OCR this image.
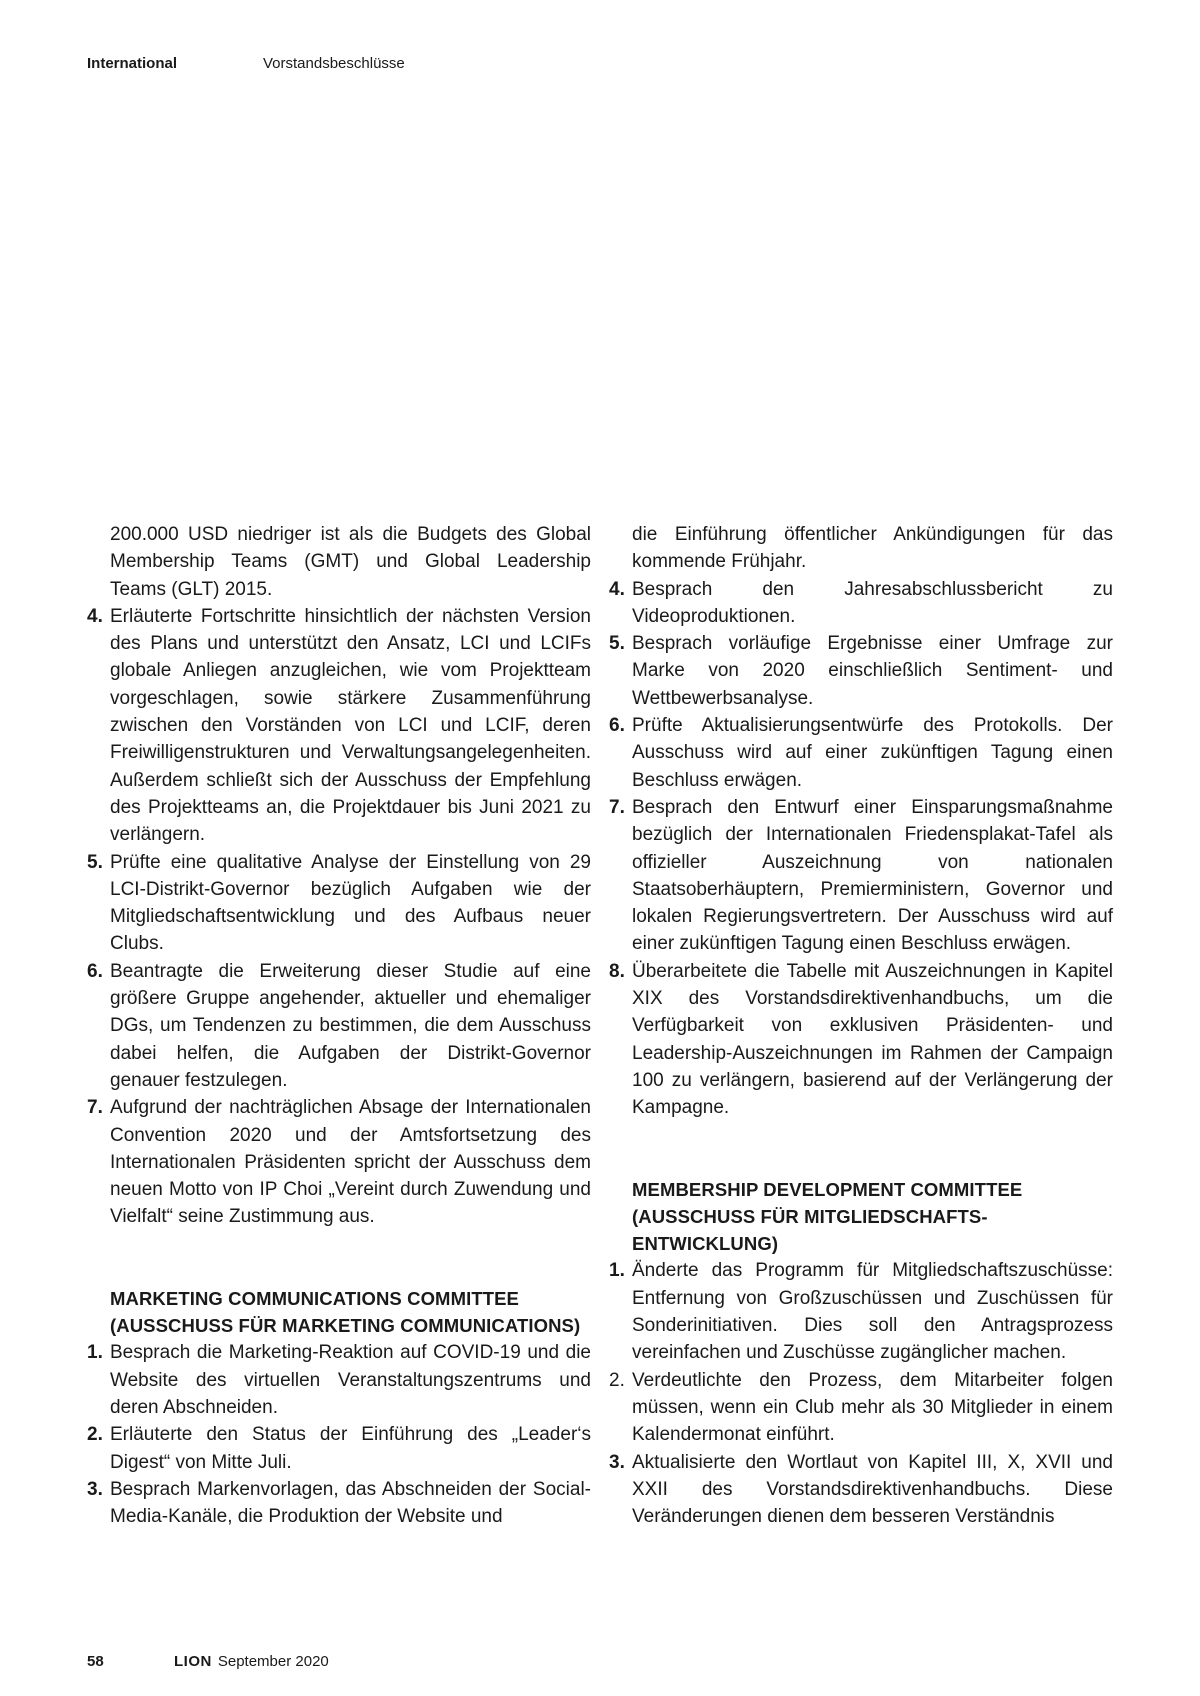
International	Vorstandsbeschlüsse

200.000 USD niedriger ist als die Budgets des Global Membership Teams (GMT) und Global Leadership Teams (GLT) 2015.

4. Erläuterte Fortschritte hinsichtlich der nächsten Version des Plans und unterstützt den Ansatz, LCI und LCIFs globale Anliegen anzugleichen, wie vom Projektteam vorgeschlagen, sowie stärkere Zusammenführung zwischen den Vorständen von LCI und LCIF, deren Freiwilligenstrukturen und Verwaltungsangelegenheiten. Außerdem schließt sich der Ausschuss der Empfehlung des Projektteams an, die Projektdauer bis Juni 2021 zu verlängern.
5. Prüfte eine qualitative Analyse der Einstellung von 29 LCI-Distrikt-Governor bezüglich Aufgaben wie der Mitgliedschaftsentwicklung und des Aufbaus neuer Clubs.
6. Beantragte die Erweiterung dieser Studie auf eine größere Gruppe angehender, aktueller und ehemaliger DGs, um Tendenzen zu bestimmen, die dem Ausschuss dabei helfen, die Aufgaben der Distrikt-Governor genauer festzulegen.
7. Aufgrund der nachträglichen Absage der Internationalen Convention 2020 und der Amtsfortsetzung des Internationalen Präsidenten spricht der Ausschuss dem neuen Motto von IP Choi „Vereint durch Zuwendung und Vielfalt“ seine Zustimmung aus.
MARKETING COMMUNICATIONS COMMITTEE (AUSSCHUSS FÜR MARKETING COMMUNICATIONS)
1. Besprach die Marketing-Reaktion auf COVID-19 und die Website des virtuellen Veranstaltungszentrums und deren Abschneiden.
2. Erläuterte den Status der Einführung des „Leader‘s Digest“ von Mitte Juli.
3. Besprach Markenvorlagen, das Abschneiden der Social-Media-Kanäle, die Produktion der Website und

die Einführung öffentlicher Ankündigungen für das kommende Frühjahr.

4. Besprach den Jahresabschlussbericht zu Videoproduktionen.
5. Besprach vorläufige Ergebnisse einer Umfrage zur Marke von 2020 einschließlich Sentiment- und Wettbewerbsanalyse.
6. Prüfte Aktualisierungsentwürfe des Protokolls. Der Ausschuss wird auf einer zukünftigen Tagung einen Beschluss erwägen.
7. Besprach den Entwurf einer Einsparungsmaßnahme bezüglich der Internationalen Friedensplakat-Tafel als offizieller Auszeichnung von nationalen Staatsoberhäuptern, Premierministern, Governor und lokalen Regierungsvertretern. Der Ausschuss wird auf einer zukünftigen Tagung einen Beschluss erwägen.
8. Überarbeitete die Tabelle mit Auszeichnungen in Kapitel XIX des Vorstandsdirektivenhandbuchs, um die Verfügbarkeit von exklusiven Präsidenten- und Leadership-Auszeichnungen im Rahmen der Campaign 100 zu verlängern, basierend auf der Verlängerung der Kampagne.
MEMBERSHIP DEVELOPMENT COMMITTEE (AUSSCHUSS FÜR MITGLIEDSCHAFTSENTWICKLUNG)
1. Änderte das Programm für Mitgliedschaftszuschüsse: Entfernung von Großzuschüssen und Zuschüssen für Sonderinitiativen. Dies soll den Antragsprozess vereinfachen und Zuschüsse zugänglicher machen.
2. Verdeutlichte den Prozess, dem Mitarbeiter folgen müssen, wenn ein Club mehr als 30 Mitglieder in einem Kalendermonat einführt.
3. Aktualisierte den Wortlaut von Kapitel III, X, XVII und XXII des Vorstandsdirektivenhandbuchs. Diese Veränderungen dienen dem besseren Verständnis
58	LION September 2020
